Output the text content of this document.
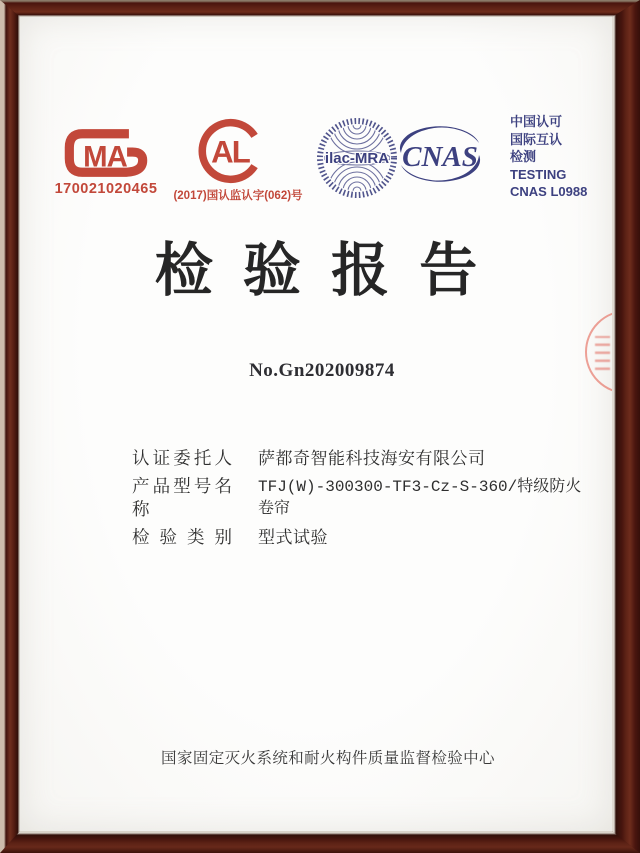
MA
170021020465
AL
(2017)国认监认字(062)号
ilac-MRA CNAS
中国认可
国际互认
检测
TESTING
CNAS L0988
检验报告
No.Gn202009874
认证委托人 萨都奇智能科技海安有限公司
产品型号名称
TFJ(W)-300300-TF3-Cz-S-360/特级防火卷帘
检验类别 型式试验
国家固定灭火系统和耐火构件质量监督检验中心
